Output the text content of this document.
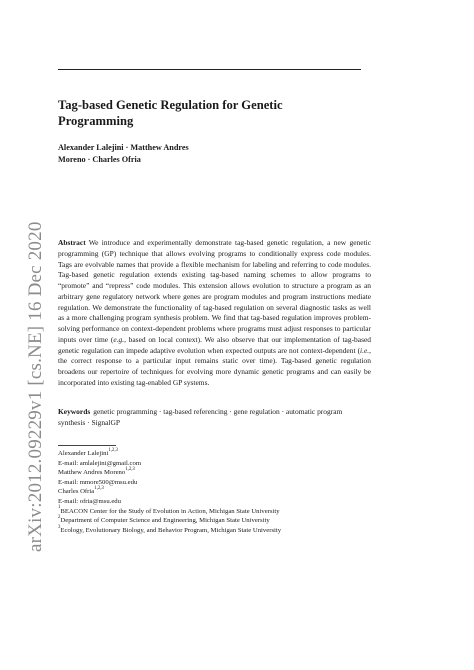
arXiv:2012.09229v1 [cs.NE] 16 Dec 2020
Tag-based Genetic Regulation for Genetic Programming
Alexander Lalejini · Matthew Andres
Moreno · Charles Ofria

Abstract We introduce and experimentally demonstrate tag-based genetic regulation, a new genetic programming (GP) technique that allows evolving programs to conditionally express code modules. Tags are evolvable names that provide a flexible mechanism for labeling and referring to code modules. Tag-based genetic regulation extends existing tag-based naming schemes to allow programs to “promote” and “repress” code modules. This extension allows evolution to structure a program as an arbitrary gene regulatory network where genes are program modules and program instructions mediate regulation. We demonstrate the functionality of tag-based regulation on several diagnostic tasks as well as a more challenging program synthesis problem. We find that tag-based regulation improves problem-solving performance on context-dependent problems where programs must adjust responses to particular inputs over time (e.g., based on local context). We also observe that our implementation of tag-based genetic regulation can impede adaptive evolution when expected outputs are not context-dependent (i.e., the correct response to a particular input remains static over time). Tag-based genetic regulation broadens our repertoire of techniques for evolving more dynamic genetic programs and can easily be incorporated into existing tag-enabled GP systems.

Keywords genetic programming · tag-based referencing · gene regulation · automatic program synthesis · SignalGP

Alexander Lalejini$^{1,2,3}$
E-mail: amlalejini@gmail.com
Matthew Andres Moreno$^{1,2,3}$
E-mail: mmore500@msu.edu
Charles Ofria$^{1,2,3}$
E-mail: ofria@msu.edu
$^1$BEACON Center for the Study of Evolution in Action, Michigan State University
$^2$Department of Computer Science and Engineering, Michigan State University
$^3$Ecology, Evolutionary Biology, and Behavior Program, Michigan State University
